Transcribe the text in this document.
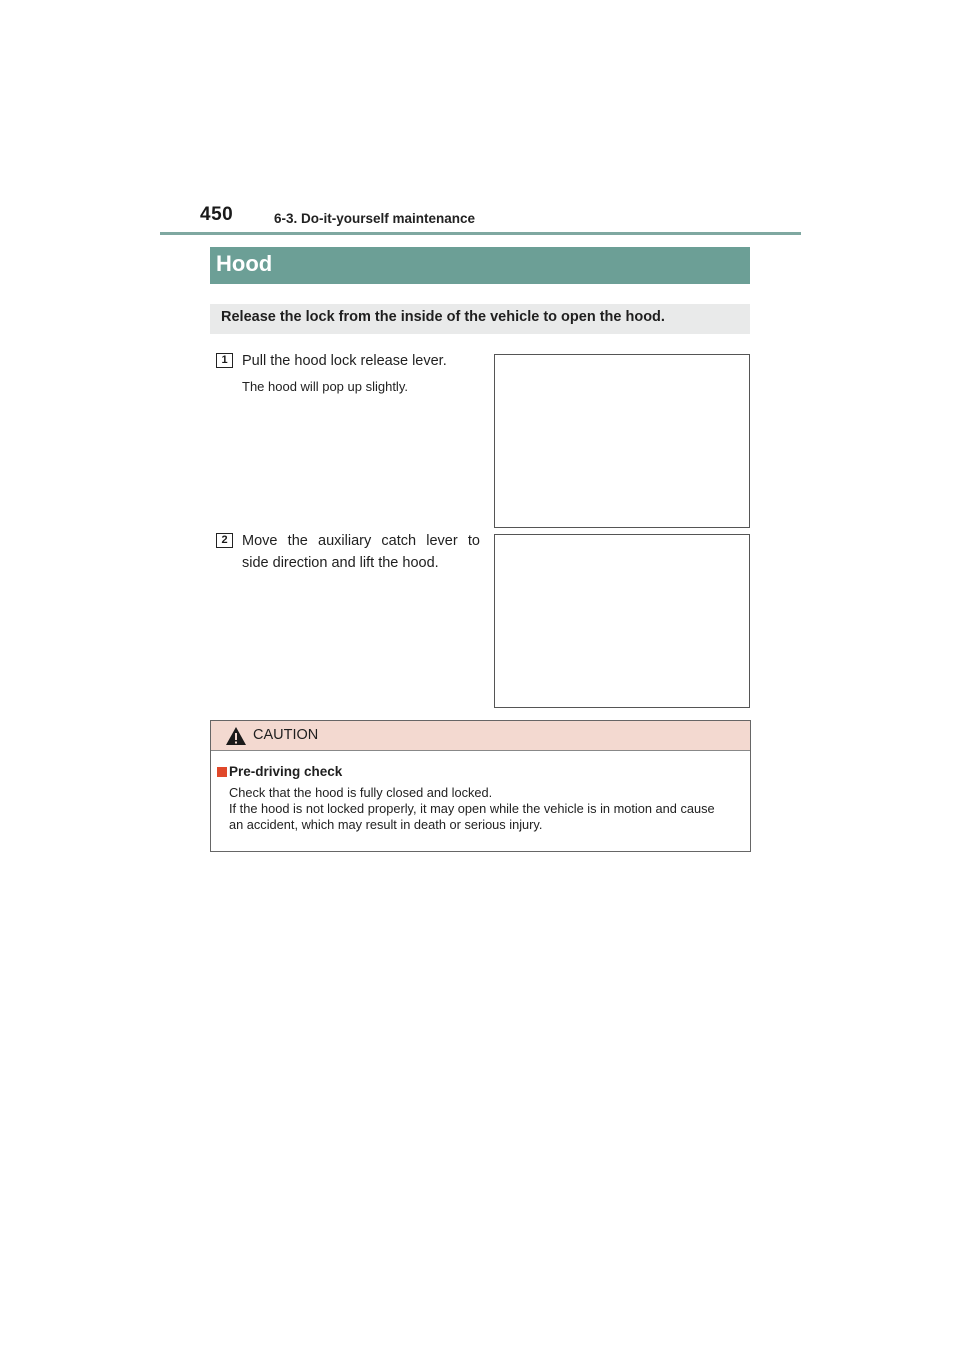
450	6-3. Do-it-yourself maintenance
Hood
Release the lock from the inside of the vehicle to open the hood.
1 Pull the hood lock release lever.
The hood will pop up slightly.
2 Move the auxiliary catch lever to
side direction and lift the hood.
CAUTION
Pre-driving check
Check that the hood is fully closed and locked.
If the hood is not locked properly, it may open while the vehicle is in motion and cause
an accident, which may result in death or serious injury.
